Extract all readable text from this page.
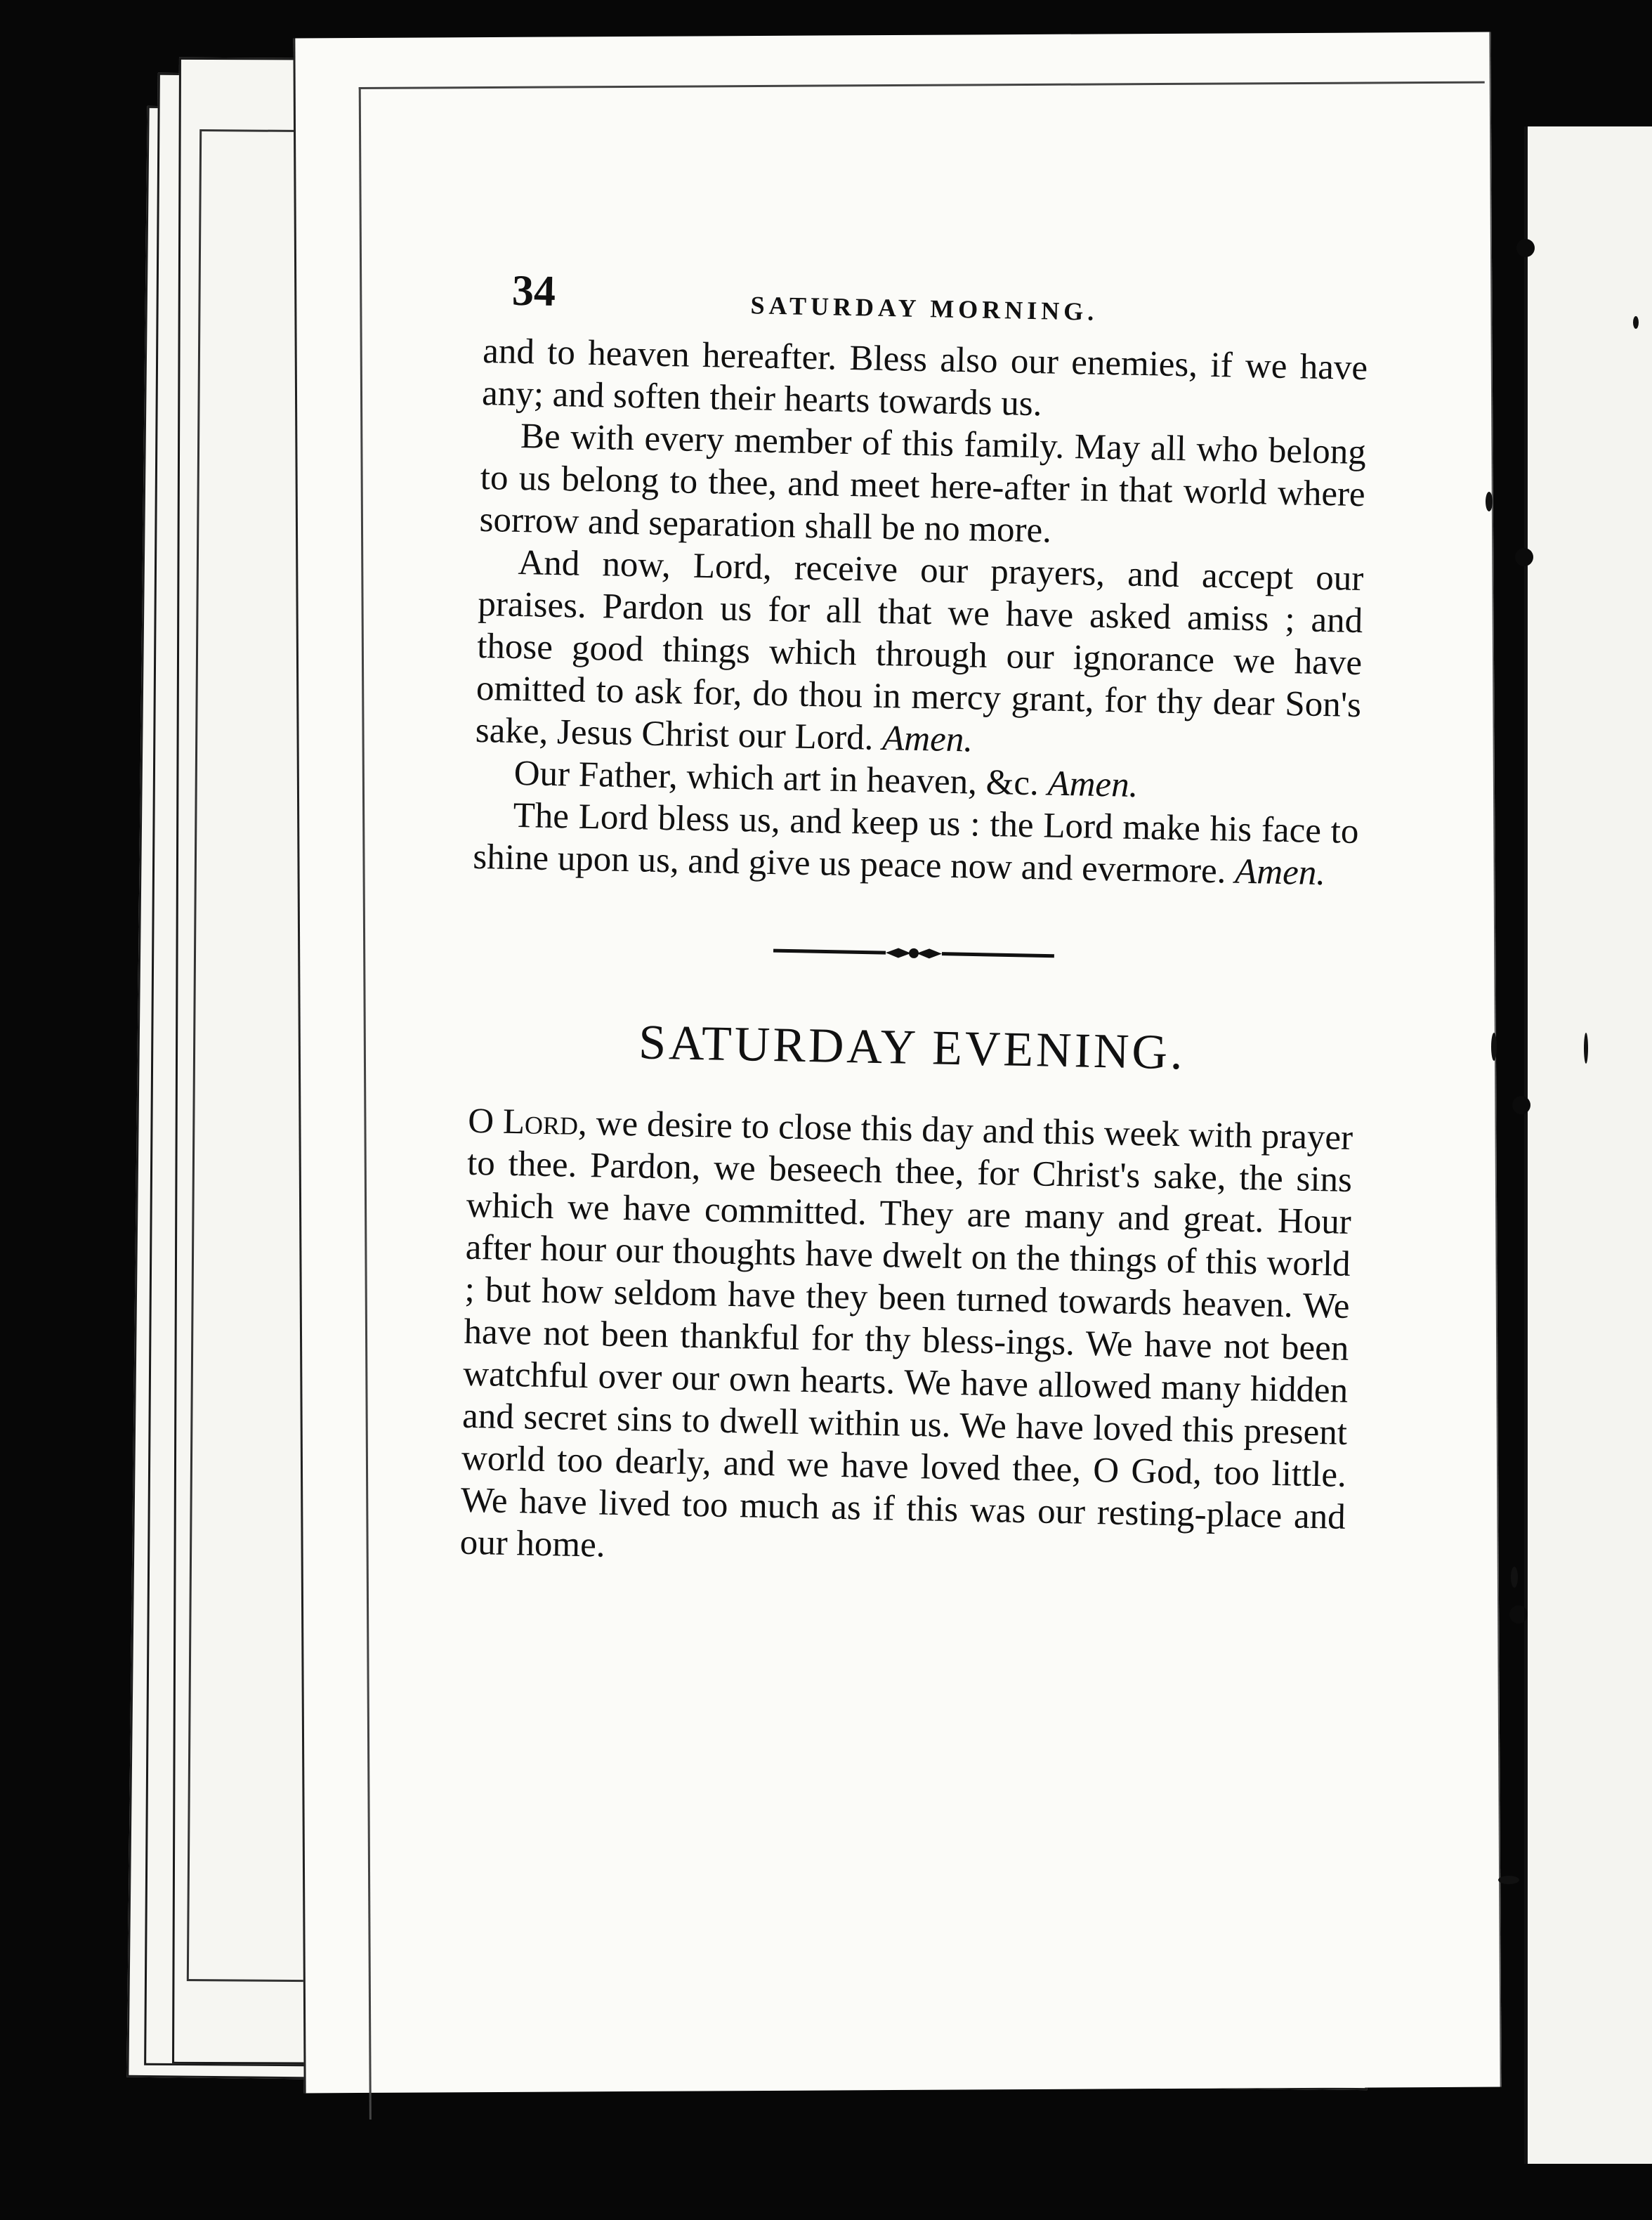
34	SATURDAY MORNING.

and to heaven hereafter. Bless also our enemies, if we have any; and soften their hearts towards us.

Be with every member of this family. May all who belong to us belong to thee, and meet here-after in that world where sorrow and separation shall be no more.

And now, Lord, receive our prayers, and accept our praises. Pardon us for all that we have asked amiss ; and those good things which through our ignorance we have omitted to ask for, do thou in mercy grant, for thy dear Son's sake, Jesus Christ our Lord. Amen.

Our Father, which art in heaven, &c. Amen.

The Lord bless us, and keep us : the Lord make his face to shine upon us, and give us peace now and evermore. Amen.

SATURDAY EVENING.

O Lord, we desire to close this day and this week with prayer to thee. Pardon, we beseech thee, for Christ's sake, the sins which we have committed. They are many and great. Hour after hour our thoughts have dwelt on the things of this world ; but how seldom have they been turned towards heaven. We have not been thankful for thy bless-ings. We have not been watchful over our own hearts. We have allowed many hidden and secret sins to dwell within us. We have loved this present world too dearly, and we have loved thee, O God, too little. We have lived too much as if this was our resting-place and our home.
